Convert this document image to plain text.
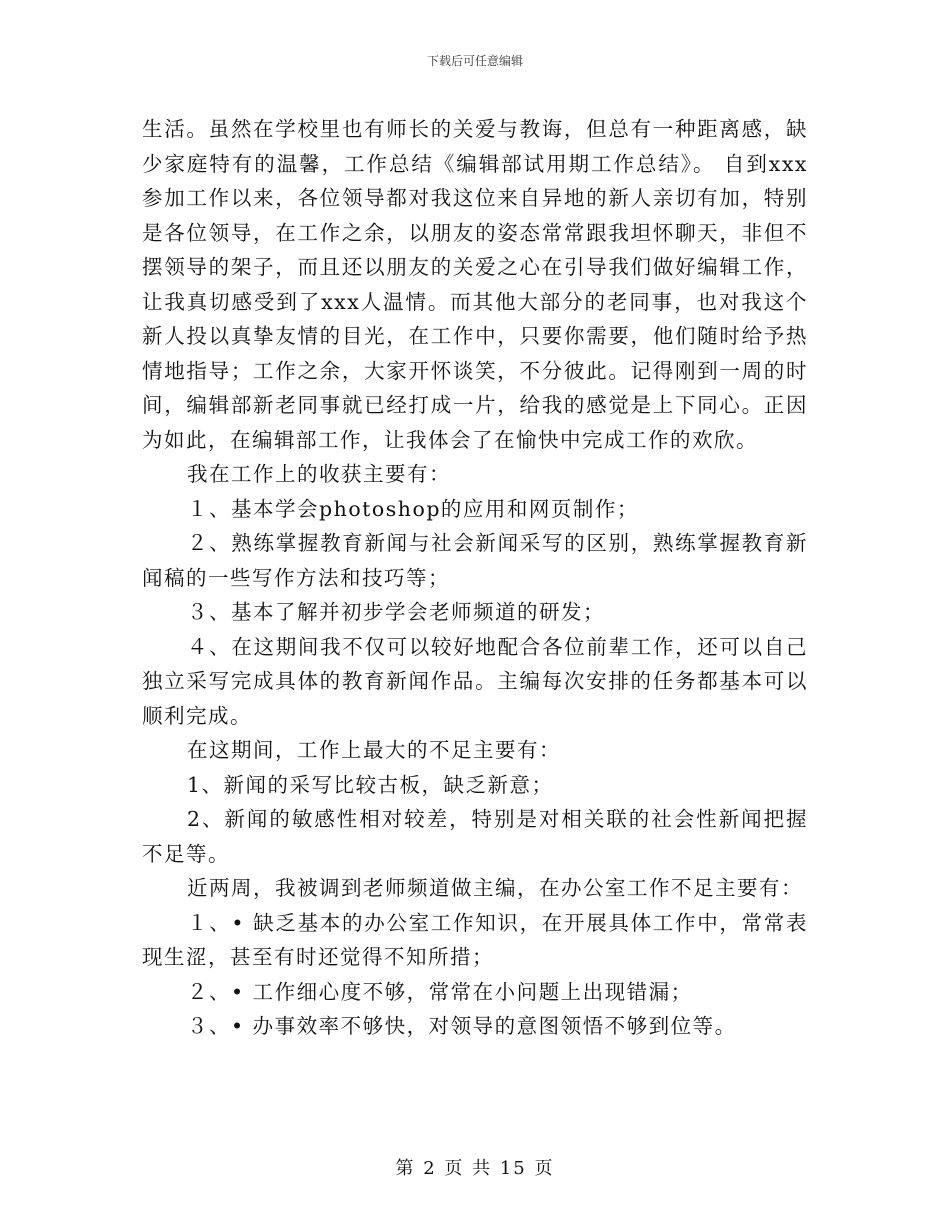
下载后可任意编辑

生活。虽然在学校里也有师长的关爱与教诲，但总有一种距离感，缺少家庭特有的温馨，工作总结《编辑部试用期工作总结》。 自到xxx参加工作以来，各位领导都对我这位来自异地的新人亲切有加，特别是各位领导，在工作之余，以朋友的姿态常常跟我坦怀聊天，非但不摆领导的架子，而且还以朋友的关爱之心在引导我们做好编辑工作，让我真切感受到了xxx人温情。而其他大部分的老同事，也对我这个新人投以真挚友情的目光，在工作中，只要你需要，他们随时给予热情地指导；工作之余，大家开怀谈笑，不分彼此。记得刚到一周的时间，编辑部新老同事就已经打成一片，给我的感觉是上下同心。正因为如此，在编辑部工作，让我体会了在愉快中完成工作的欢欣。

我在工作上的收获主要有：

１、基本学会photoshop的应用和网页制作；

２、熟练掌握教育新闻与社会新闻采写的区别，熟练掌握教育新闻稿的一些写作方法和技巧等；

３、基本了解并初步学会老师频道的研发；

４、在这期间我不仅可以较好地配合各位前辈工作，还可以自己独立采写完成具体的教育新闻作品。主编每次安排的任务都基本可以顺利完成。

在这期间，工作上最大的不足主要有：

1、新闻的采写比较古板，缺乏新意；

2、新闻的敏感性相对较差，特别是对相关联的社会性新闻把握不足等。

近两周，我被调到老师频道做主编，在办公室工作不足主要有：

１、• 缺乏基本的办公室工作知识，在开展具体工作中，常常表现生涩，甚至有时还觉得不知所措；

２、• 工作细心度不够，常常在小问题上出现错漏；

３、• 办事效率不够快，对领导的意图领悟不够到位等。

第 2 页 共 15 页
